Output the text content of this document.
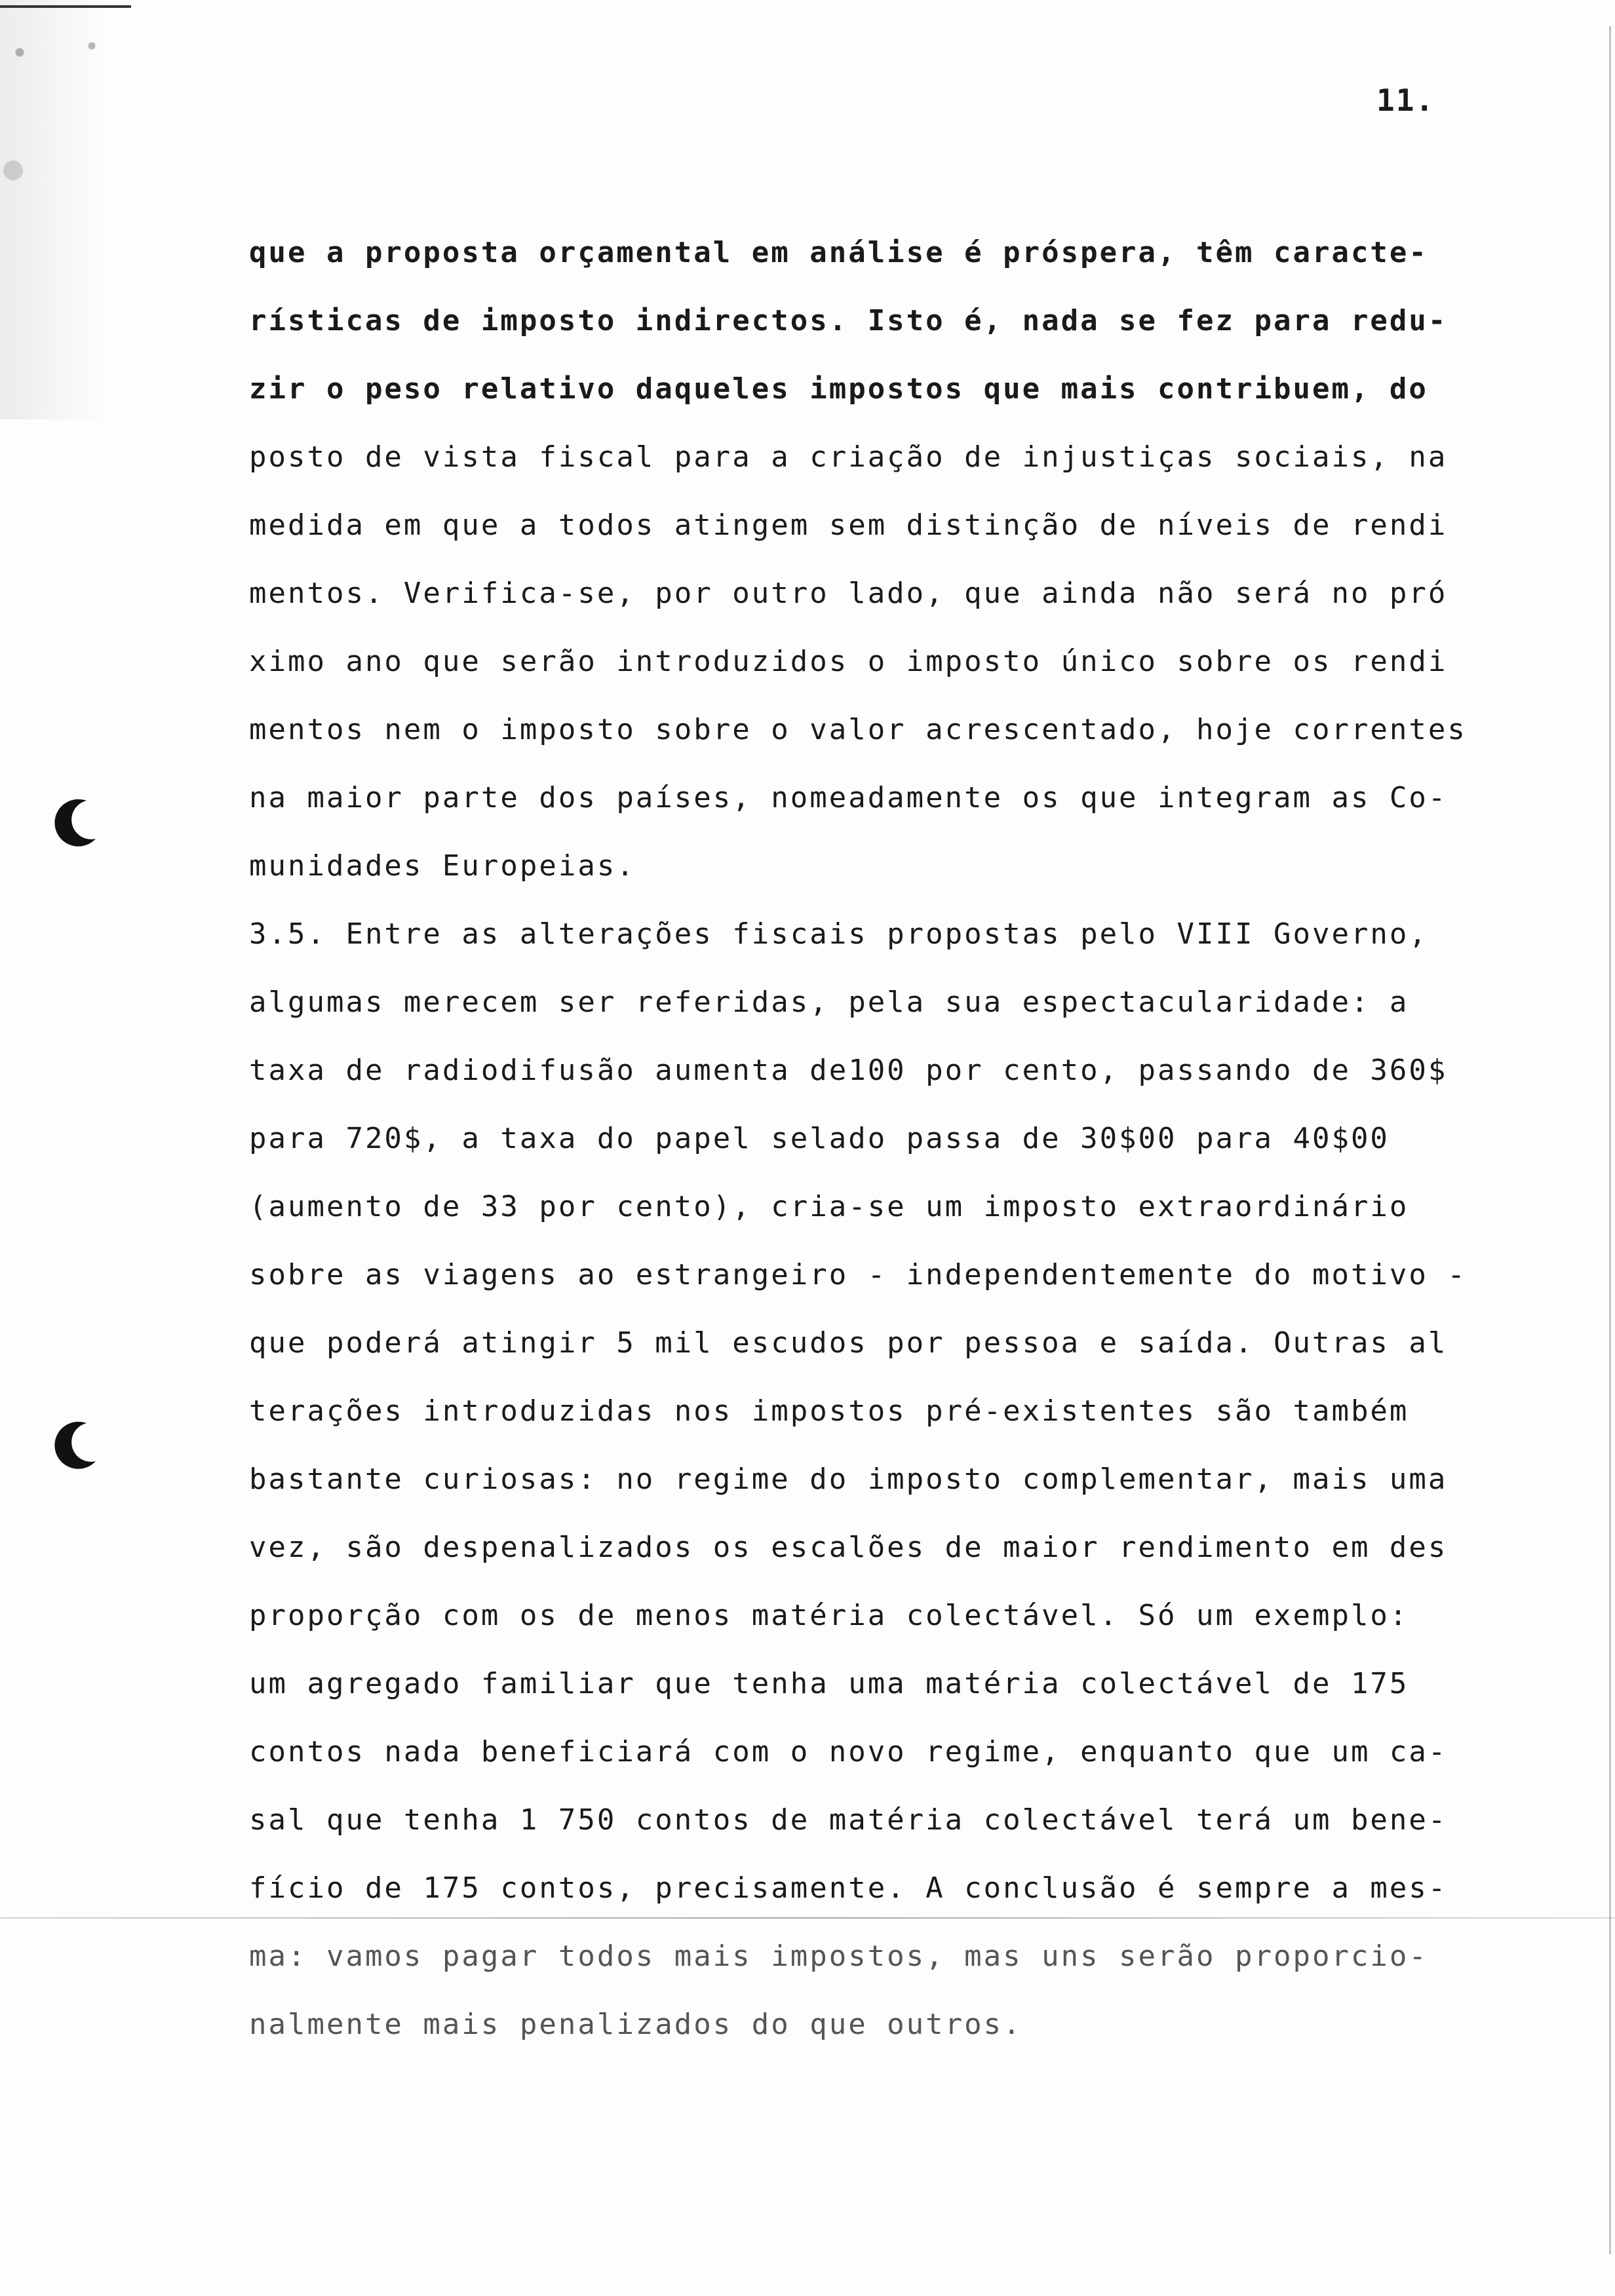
11.
que a proposta orçamental em análise é próspera, têm caracte-
rísticas de imposto indirectos. Isto é, nada se fez para redu-
zir o peso relativo daqueles impostos que mais contribuem, do
posto de vista fiscal para a criação de injustiças sociais, na
medida em que a todos atingem sem distinção de níveis de rendi
mentos. Verifica-se, por outro lado, que ainda não será no pró
ximo ano que serão introduzidos o imposto único sobre os rendi
mentos nem o imposto sobre o valor acrescentado, hoje correntes
na maior parte dos países, nomeadamente os que integram as Co-
munidades Europeias.
3.5. Entre as alterações fiscais propostas pelo VIII Governo,
algumas merecem ser referidas, pela sua espectacularidade: a
taxa de radiodifusão aumenta de100 por cento, passando de 360$
para 720$, a taxa do papel selado passa de 30$00 para 40$00
(aumento de 33 por cento), cria-se um imposto extraordinário
sobre as viagens ao estrangeiro - independentemente do motivo -
que poderá atingir 5 mil escudos por pessoa e saída. Outras al
terações introduzidas nos impostos pré-existentes são também
bastante curiosas: no regime do imposto complementar, mais uma
vez, são despenalizados os escalões de maior rendimento em des
proporção com os de menos matéria colectável. Só um exemplo:
um agregado familiar que tenha uma matéria colectável de 175
contos nada beneficiará com o novo regime, enquanto que um ca-
sal que tenha 1 750 contos de matéria colectável terá um bene-
fício de 175 contos, precisamente. A conclusão é sempre a mes-
ma: vamos pagar todos mais impostos, mas uns serão proporcio-
nalmente mais penalizados do que outros.
